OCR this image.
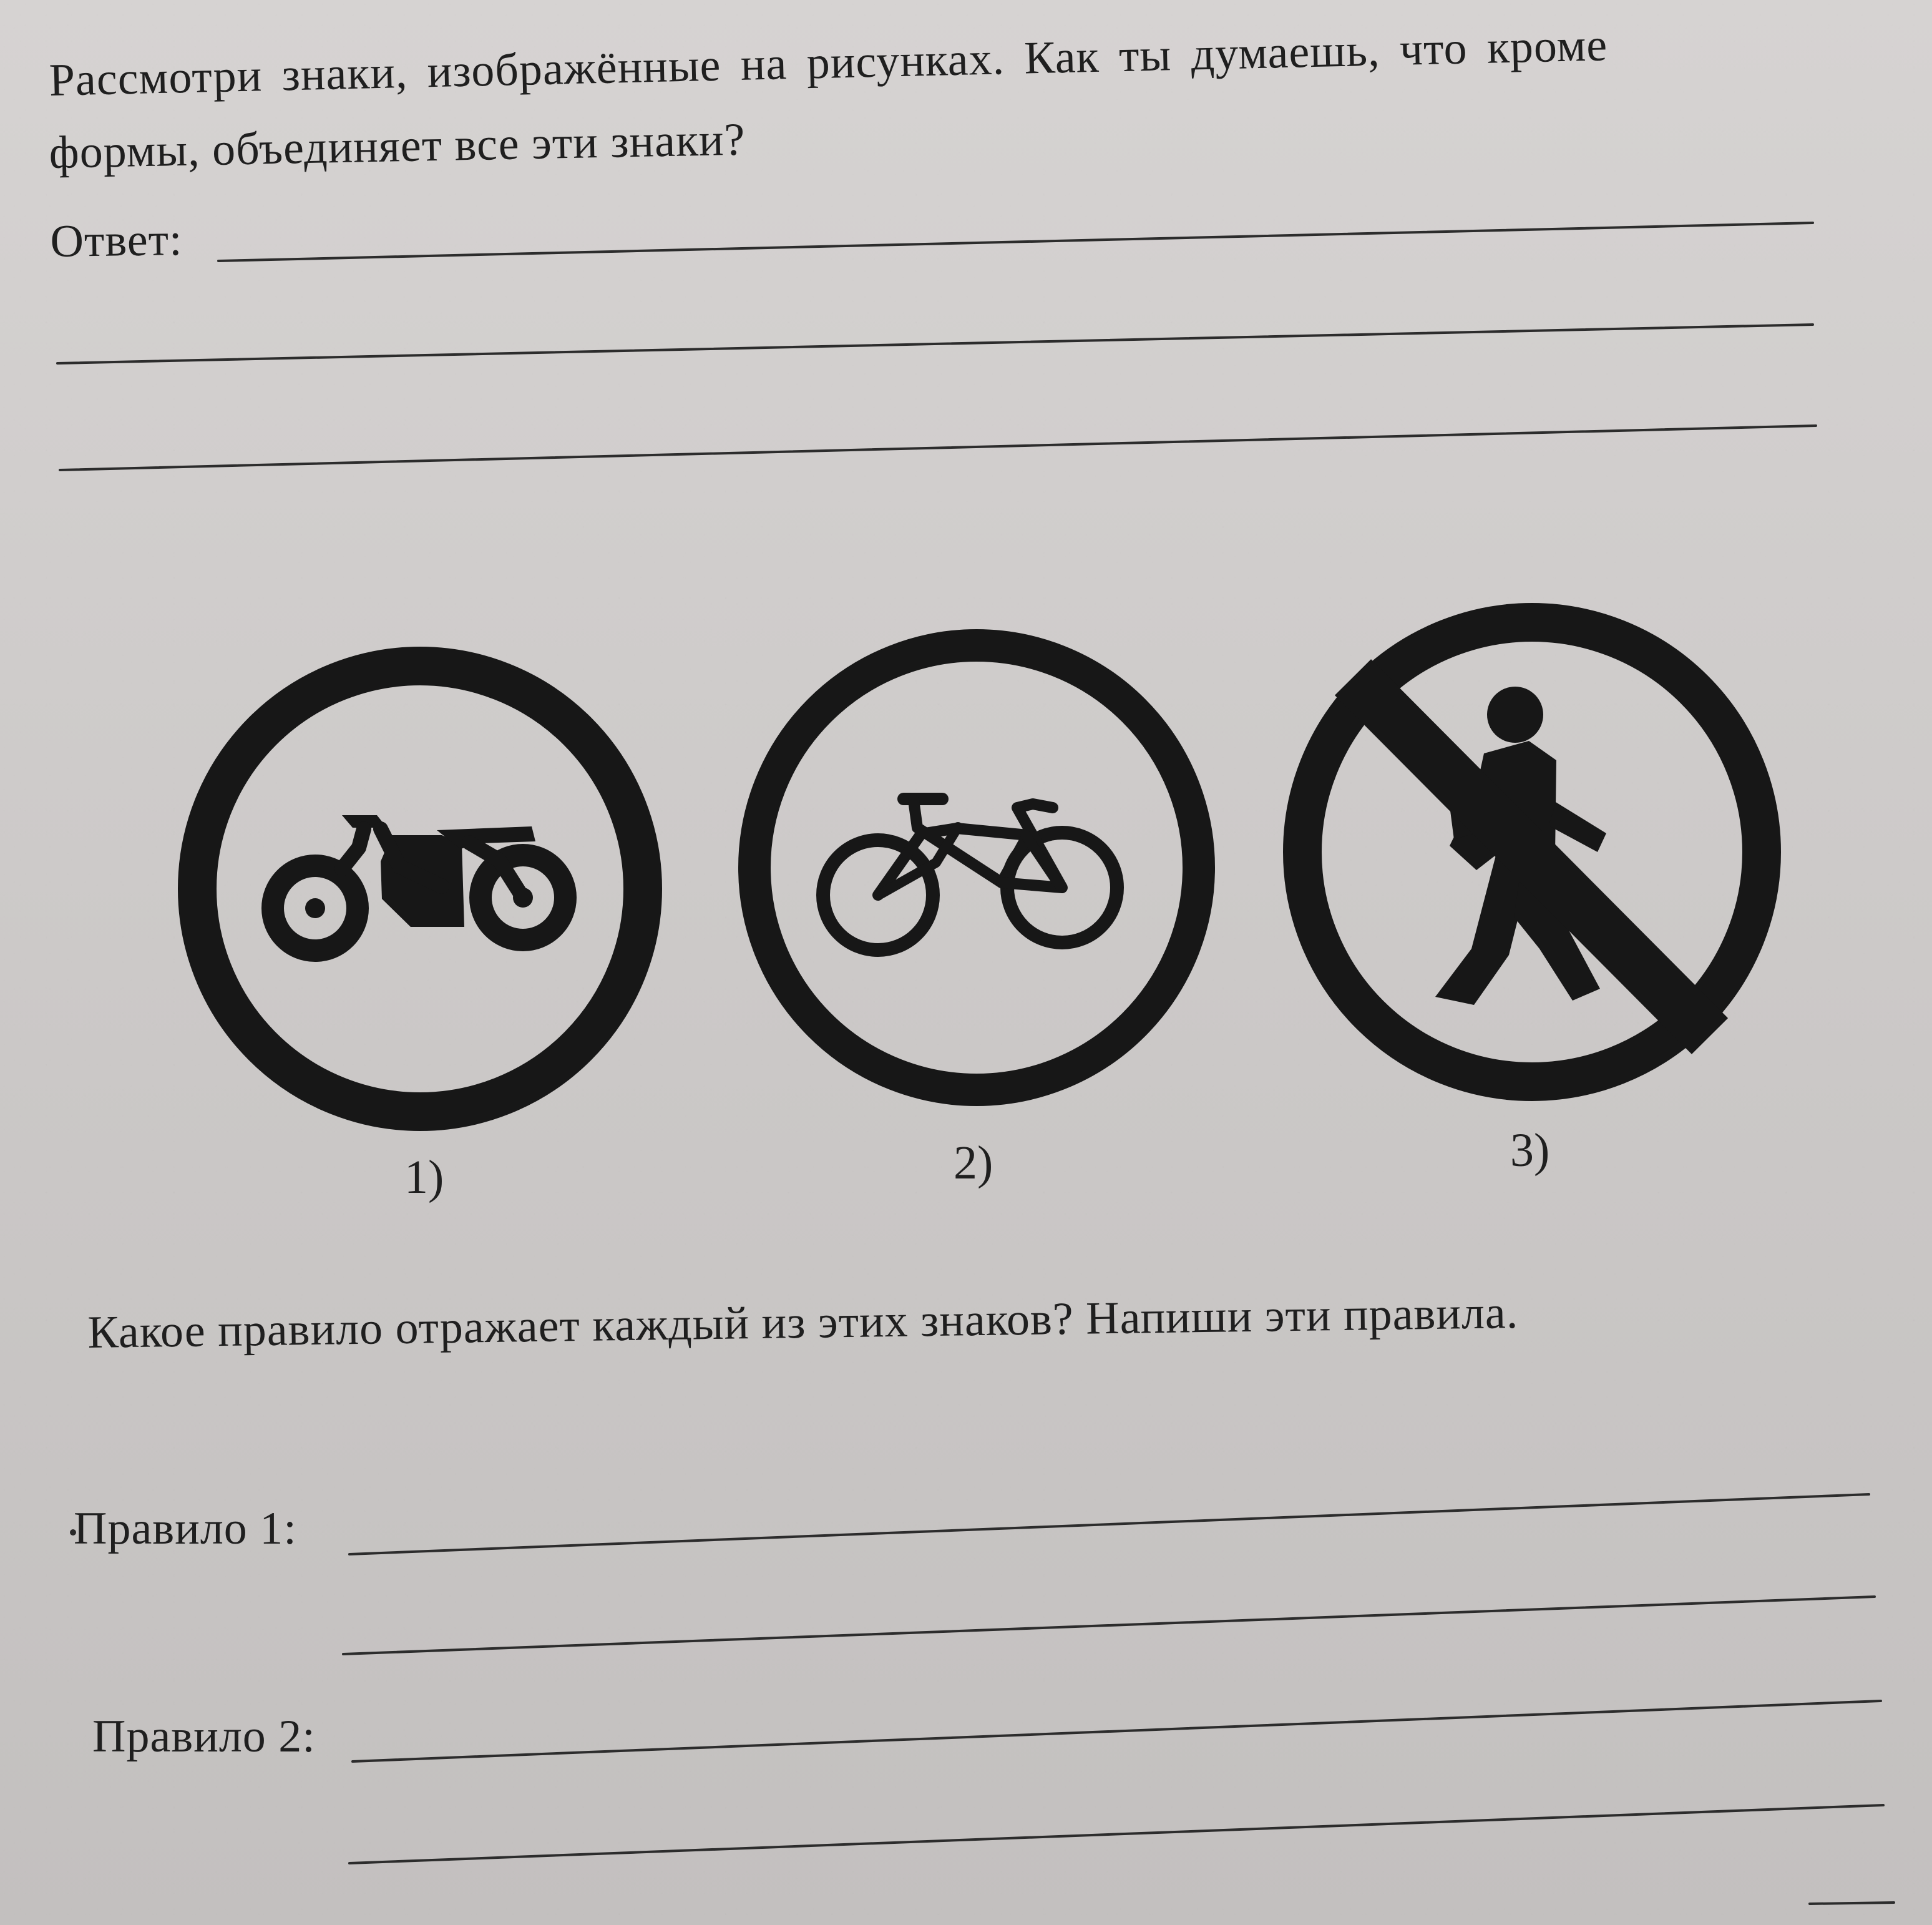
Рассмотри знаки, изображённые на рисунках. Как ты думаешь, что кроме
формы, объединяет все эти знаки?
Ответ:
1)	2)	3)
Какое правило отражает каждый из этих знаков? Напиши эти правила.
Правило 1:
Правило 2:
